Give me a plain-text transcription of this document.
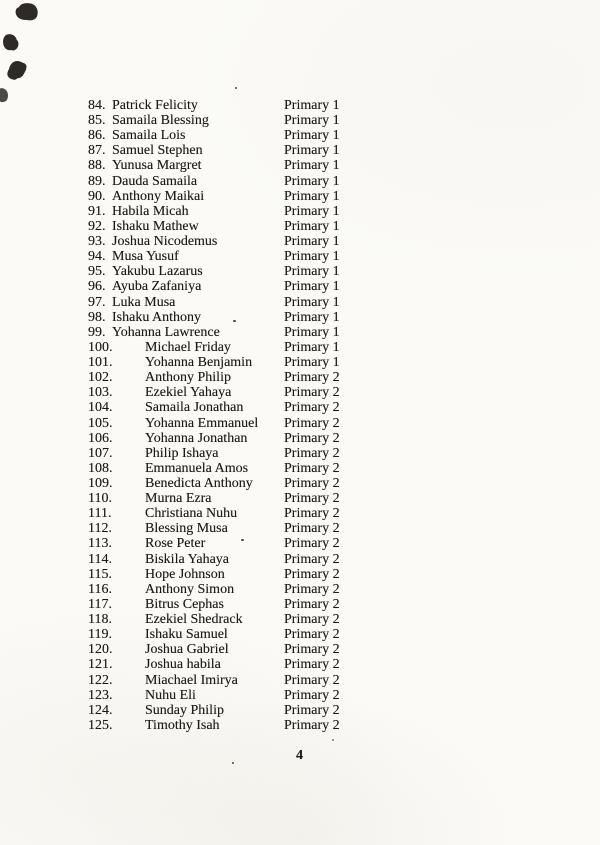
84. Patrick Felicity	Primary 1
85. Samaila Blessing	Primary 1
86. Samaila Lois	Primary 1
87. Samuel Stephen	Primary 1
88. Yunusa Margret	Primary 1
89. Dauda Samaila	Primary 1
90. Anthony Maikai	Primary 1
91. Habila Micah	Primary 1
92. Ishaku Mathew	Primary 1
93. Joshua Nicodemus	Primary 1
94. Musa Yusuf	Primary 1
95. Yakubu Lazarus	Primary 1
96. Ayuba Zafaniya	Primary 1
97. Luka Musa	Primary 1
98. Ishaku Anthony	Primary 1
99. Yohanna Lawrence	Primary 1
100. Michael Friday	Primary 1
101. Yohanna Benjamin Primary 1
102. Anthony Philip	Primary 2
103. Ezekiel Yahaya	Primary 2
104. Samaila Jonathan	Primary 2
105. Yohanna Emmanuel Primary 2
106. Yohanna Jonathan	Primary 2
107. Philip Ishaya	Primary 2
108. Emmanuela Amos	Primary 2
109. Benedicta Anthony Primary 2
110. Murna Ezra	Primary 2
111. Christiana Nuhu	Primary 2
112. Blessing Musa	Primary 2
113. Rose Peter	Primary 2
114. Biskila Yahaya	Primary 2
115. Hope Johnson	Primary 2
116. Anthony Simon	Primary 2
117. Bitrus Cephas	Primary 2
118. Ezekiel Shedrack	Primary 2
119. Ishaku Samuel	Primary 2
120. Joshua Gabriel	Primary 2
121. Joshua habila	Primary 2
122. Miachael Imirya	Primary 2
123. Nuhu Eli	Primary 2
124. Sunday Philip	Primary 2
125. Timothy Isah	Primary 2
4
